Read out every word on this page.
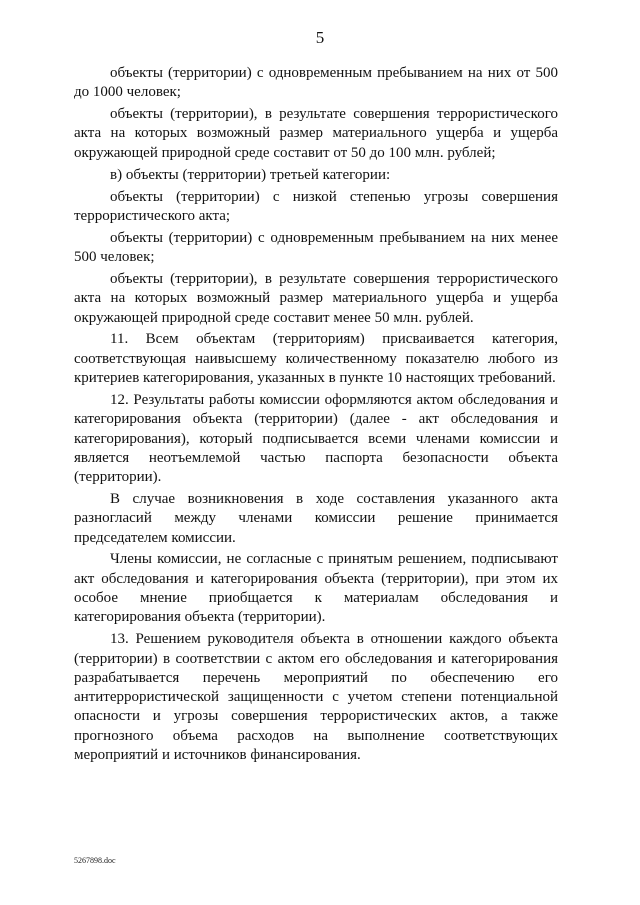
5

объекты (территории) с одновременным пребыванием на них от 500 до 1000 человек;

объекты (территории), в результате совершения террористического акта на которых возможный размер материального ущерба и ущерба окружающей природной среде составит от 50 до 100 млн. рублей;

в) объекты (территории) третьей категории:

объекты (территории) с низкой степенью угрозы совершения террористического акта;

объекты (территории) с одновременным пребыванием на них менее 500 человек;

объекты (территории), в результате совершения террористического акта на которых возможный размер материального ущерба и ущерба окружающей природной среде составит менее 50 млн. рублей.

11. Всем объектам (территориям) присваивается категория, соответствующая наивысшему количественному показателю любого из критериев категорирования, указанных в пункте 10 настоящих требований.

12. Результаты работы комиссии оформляются актом обследования и категорирования объекта (территории) (далее - акт обследования и категорирования), который подписывается всеми членами комиссии и является неотъемлемой частью паспорта безопасности объекта (территории).

В случае возникновения в ходе составления указанного акта разногласий между членами комиссии решение принимается председателем комиссии.

Члены комиссии, не согласные с принятым решением, подписывают акт обследования и категорирования объекта (территории), при этом их особое мнение приобщается к материалам обследования и категорирования объекта (территории).

13. Решением руководителя объекта в отношении каждого объекта (территории) в соответствии с актом его обследования и категорирования разрабатывается перечень мероприятий по обеспечению его антитеррористической защищенности с учетом степени потенциальной опасности и угрозы совершения террористических актов, а также прогнозного объема расходов на выполнение соответствующих мероприятий и источников финансирования.

5267898.doc
